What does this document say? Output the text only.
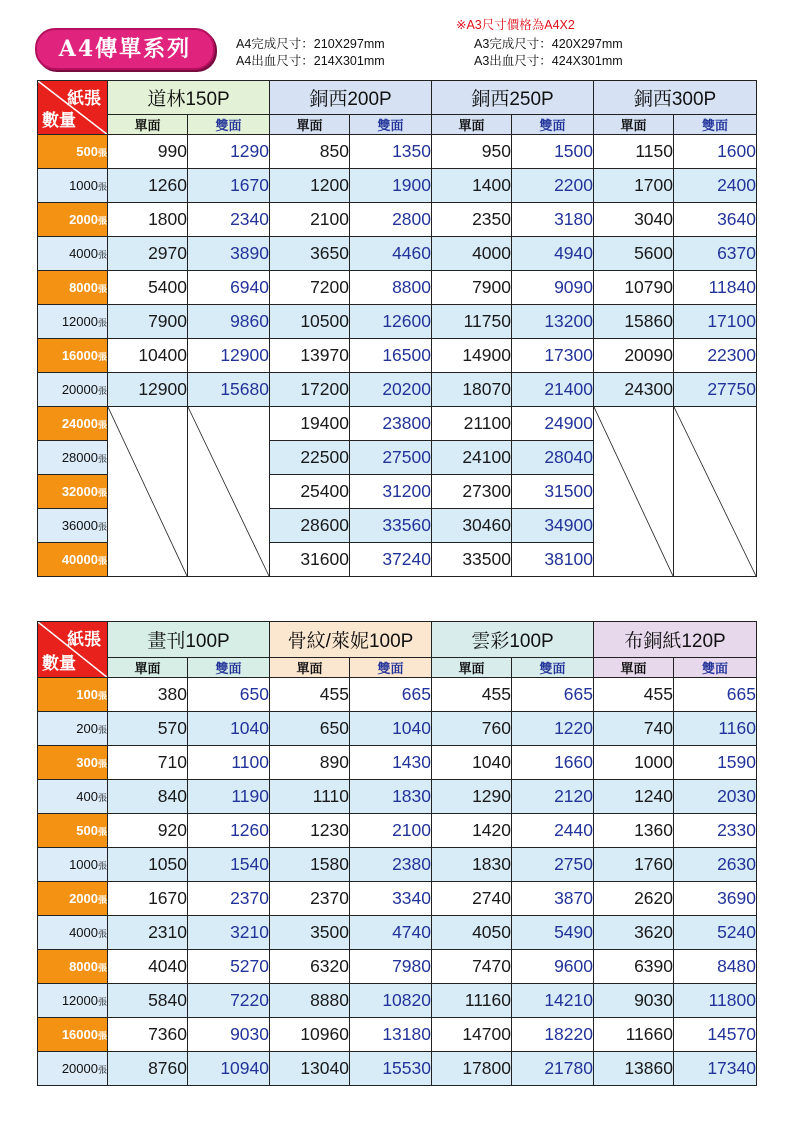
A4傳單系列	A4完成尺寸：210X297mm
A4出血尺寸：214X301mm
※A3尺寸價格為A4X2
A3完成尺寸：420X297mm
A3出血尺寸：424X301mm
紙張
數量	道林150P		銅西200P		銅西250P		銅西300P	
	單面	雙面	單面	雙面	單面	雙面	單面	雙面
500張	990	1290	850	1350	950	1500	1150	1600
1000張	1260	1670	1200	1900	1400	2200	1700	2400
2000張	1800	2340	2100	2800	2350	3180	3040	3640
4000張	2970	3890	3650	4460	4000	4940	5600	6370
8000張	5400	6940	7200	8800	7900	9090	10790	11840
12000張	7900	9860	10500	12600	11750	13200	15860	17100
16000張	10400	12900	13970	16500	14900	17300	20090	22300
20000張	12900	15680	17200	20200	18070	21400	24300	27750
24000張			19400	23800	21100	24900	

28000張			22500	27500	24100	28040		
32000張			25400	31200	27300	31500		
36000張			28600	33560	30460	34900		
40000張			31600	37240	33500	38100		
紙張
數量	畫刊100P		骨紋/萊妮100P		雲彩100P		布銅紙120P	
	單面	雙面	單面	雙面	單面	雙面	單面	雙面
100張	380	650	455	665	455	665	455	665
200張	570	1040	650	1040	760	1220	740	1160
300張	710	1100	890	1430	1040	1660	1000	1590
400張	840	1190	1110	1830	1290	2120	1240	2030
500張	920	1260	1230	2100	1420	2440	1360	2330
1000張	1050	1540	1580	2380	1830	2750	1760	2630
2000張	1670	2370	2370	3340	2740	3870	2620	3690
4000張	2310	3210	3500	4740	4050	5490	3620	5240
8000張	4040	5270	6320	7980	7470	9600	6390	8480
12000張	5840	7220	8880	10820	11160	14210	9030	11800
16000張	7360	9030	10960	13180	14700	18220	11660	14570
20000張	8760	10940	13040	15530	17800	21780	13860	17340
